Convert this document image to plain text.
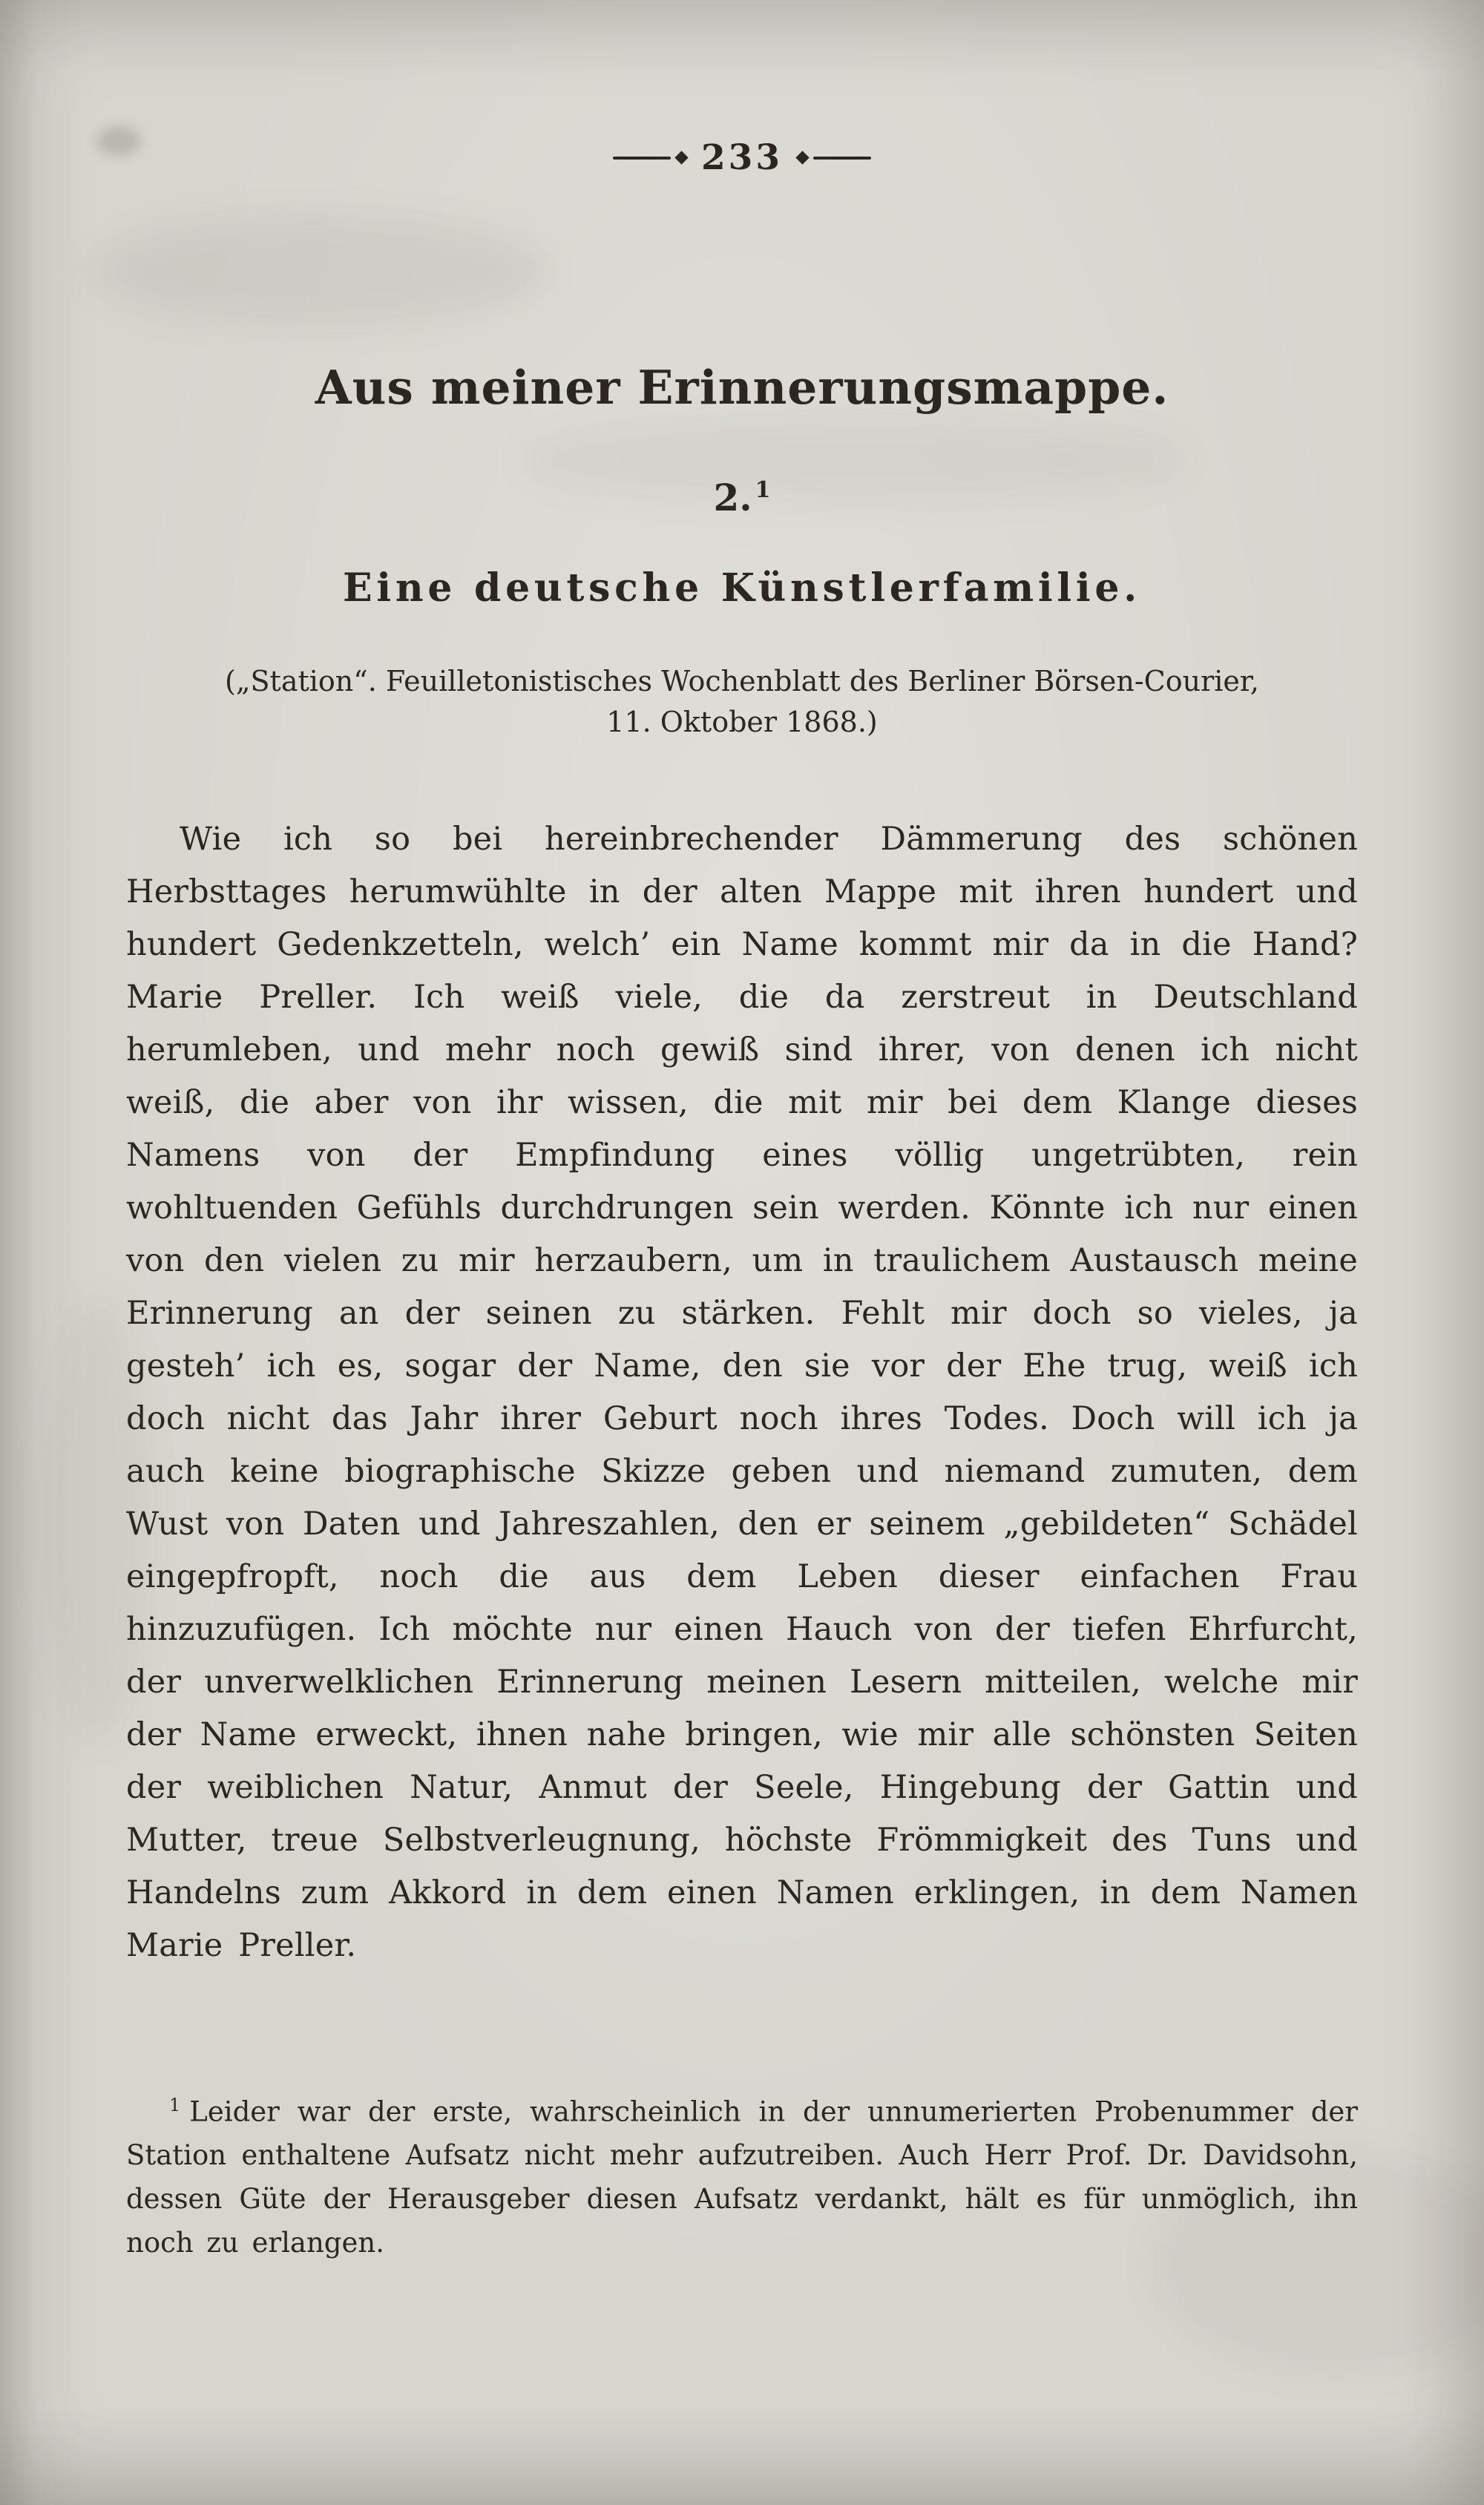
233
Aus meiner Erinnerungsmappe.
2. $^1$
Eine deutsche Künstlerfamilie.
(„Station“. Feuilletonistisches Wochenblatt des Berliner Börsen-Courier,
11. Oktober 1868.)

Wie ich so bei hereinbrechender Dämmerung des schönen Herbsttages herumwühlte in der alten Mappe mit ihren hundert und hundert Gedenkzetteln, welch’ ein Name kommt mir da in die Hand? Marie Preller. Ich weiß viele, die da zerstreut in Deutschland herumleben, und mehr noch gewiß sind ihrer, von denen ich nicht weiß, die aber von ihr wissen, die mit mir bei dem Klange dieses Namens von der Empfindung eines völlig ungetrübten, rein wohltuenden Gefühls durchdrungen sein werden. Könnte ich nur einen von den vielen zu mir herzaubern, um in traulichem Austausch meine Erinnerung an der seinen zu stärken. Fehlt mir doch so vieles, ja gesteh’ ich es, sogar der Name, den sie vor der Ehe trug, weiß ich doch nicht das Jahr ihrer Geburt noch ihres Todes. Doch will ich ja auch keine biographische Skizze geben und niemand zumuten, dem Wust von Daten und Jahreszahlen, den er seinem „gebildeten“ Schädel eingepfropft, noch die aus dem Leben dieser einfachen Frau hinzuzufügen. Ich möchte nur einen Hauch von der tiefen Ehrfurcht, der unverwelklichen Erinnerung meinen Lesern mitteilen, welche mir der Name erweckt, ihnen nahe bringen, wie mir alle schönsten Seiten der weiblichen Natur, Anmut der Seele, Hingebung der Gattin und Mutter, treue Selbstverleugnung, höchste Frömmigkeit des Tuns und Handelns zum Akkord in dem einen Namen erklingen, in dem Namen Marie Preller.

$^1$ Leider war der erste, wahrscheinlich in der unnumerierten Probenummer der Station enthaltene Aufsatz nicht mehr aufzutreiben. Auch Herr Prof. Dr. Davidsohn, dessen Güte der Herausgeber diesen Aufsatz verdankt, hält es für unmöglich, ihn noch zu erlangen.
